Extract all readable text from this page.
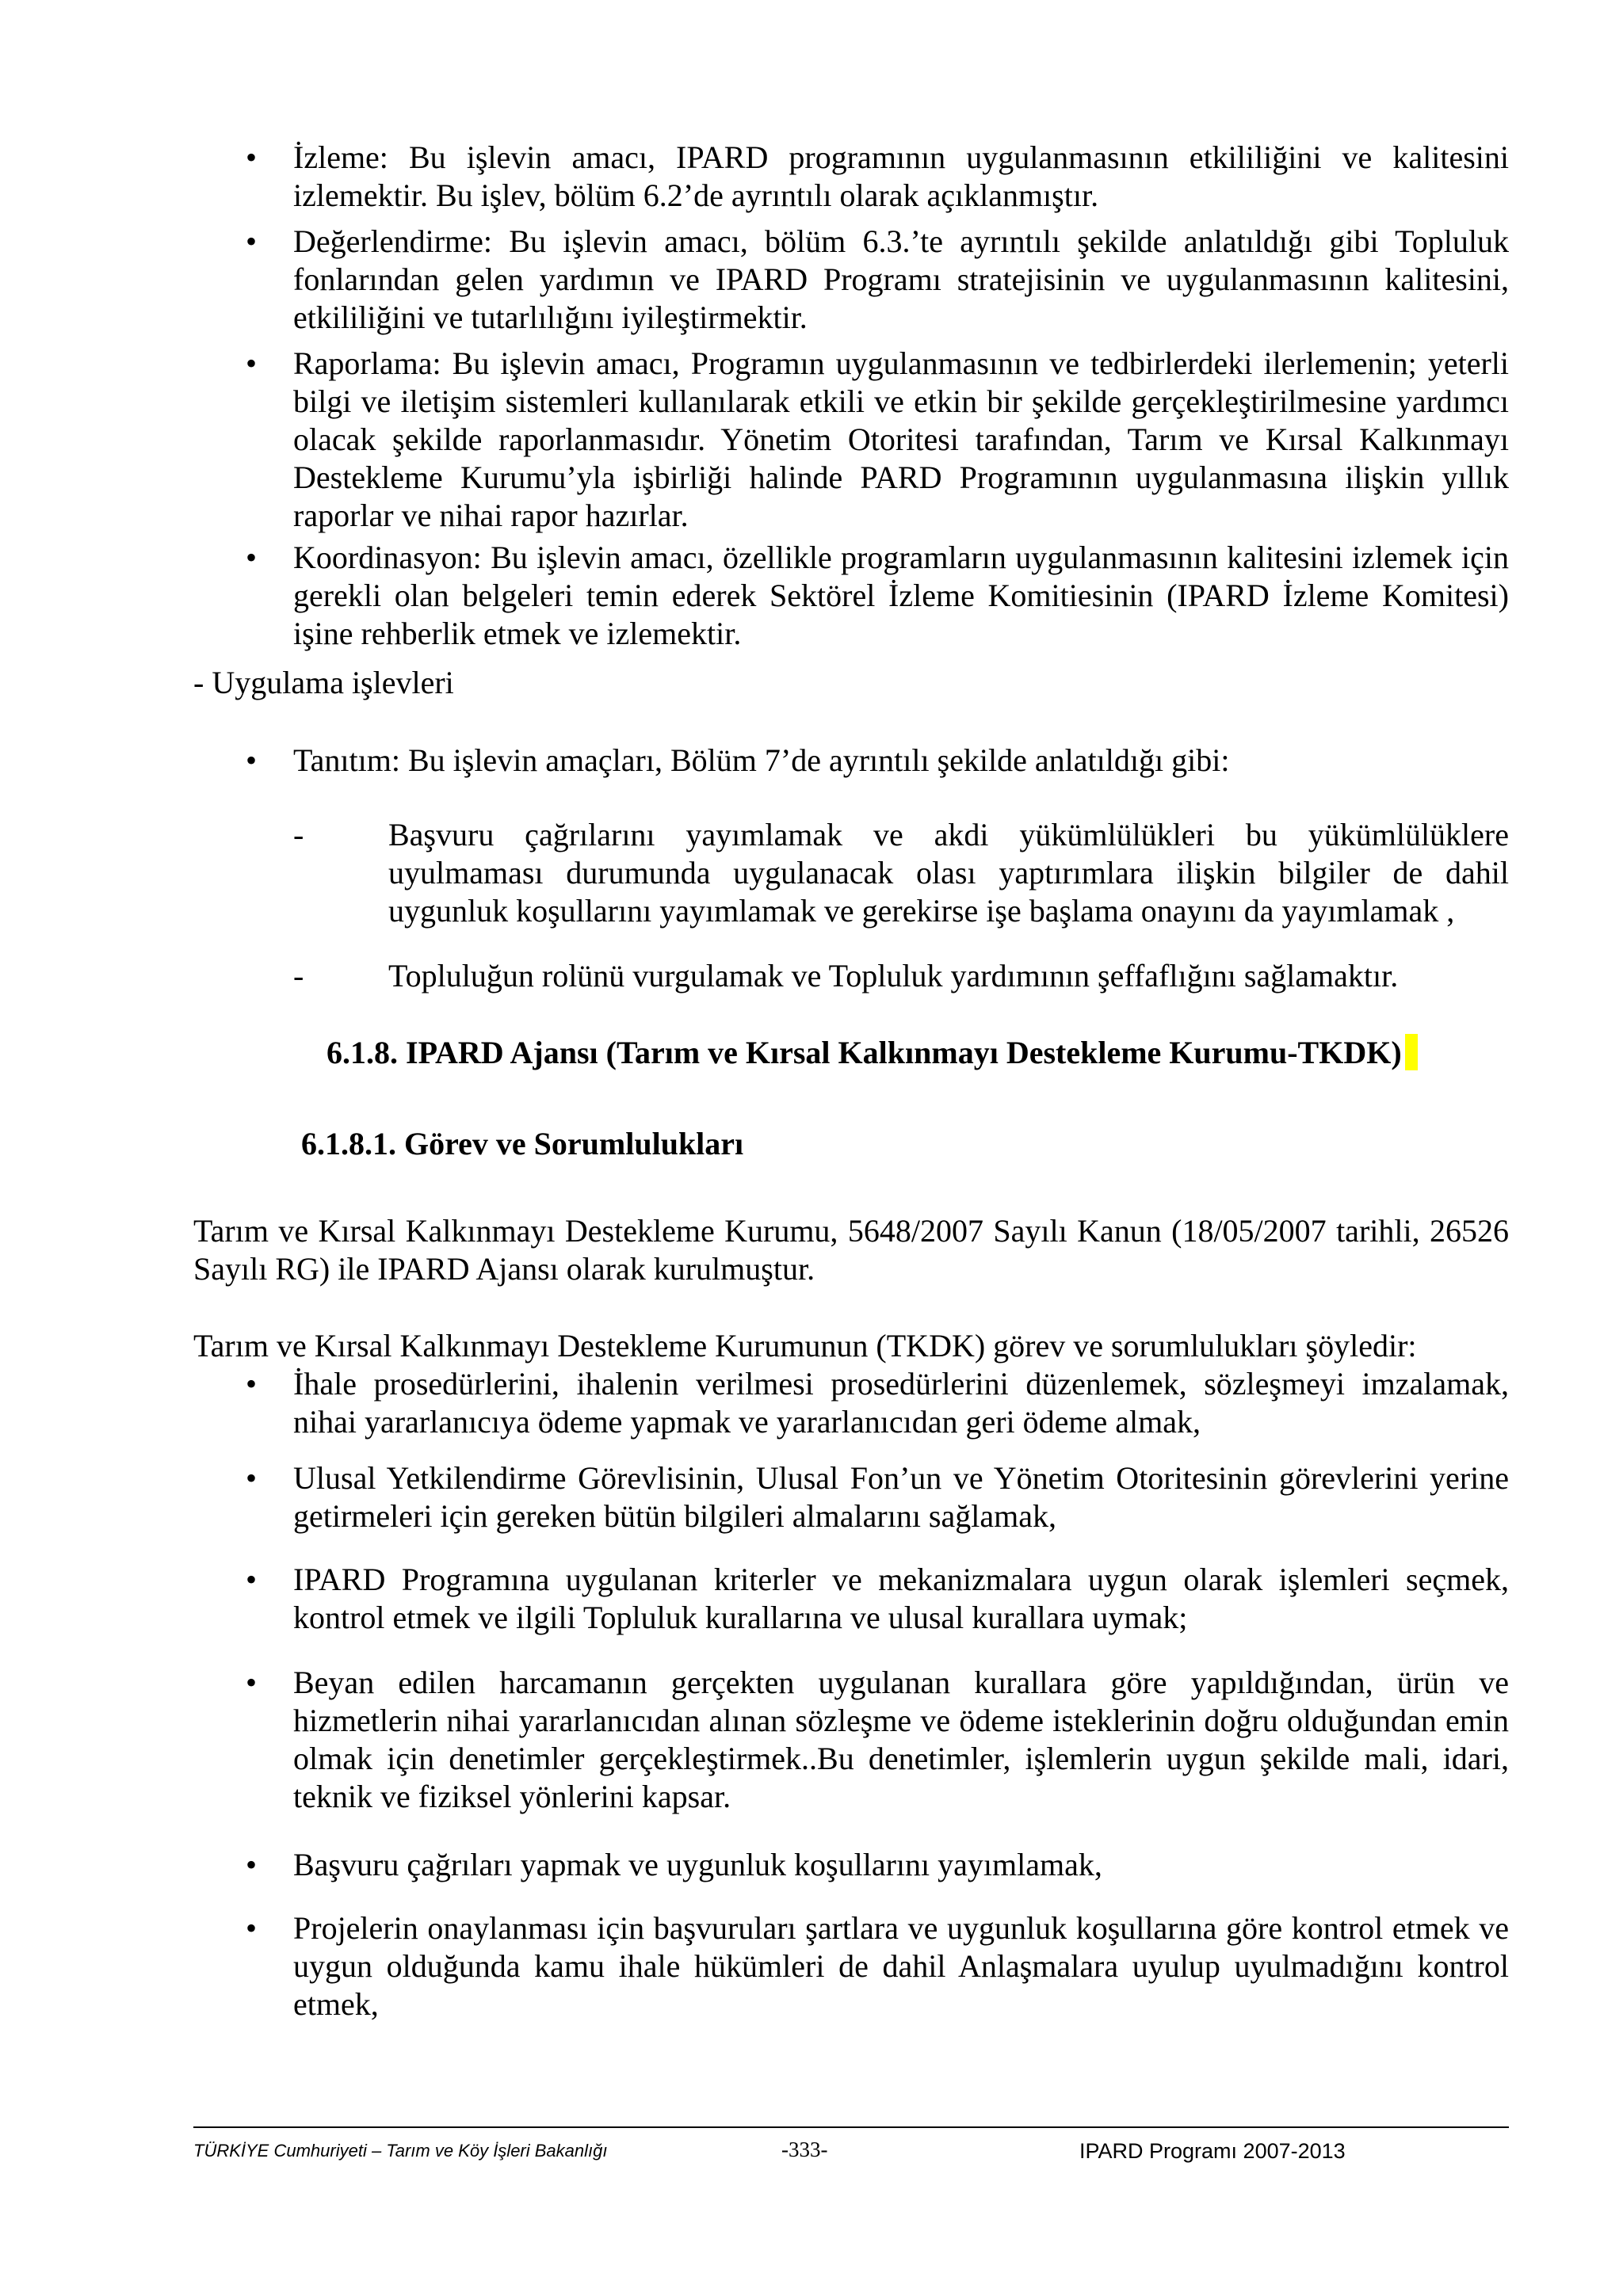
• İzleme: Bu işlevin amacı, IPARD programının uygulanmasının etkililiğini ve kalitesini izlemektir. Bu işlev, bölüm 6.2’de ayrıntılı olarak açıklanmıştır.

• Değerlendirme: Bu işlevin amacı, bölüm 6.3.’te ayrıntılı şekilde anlatıldığı gibi Topluluk fonlarından gelen yardımın ve IPARD Programı stratejisinin ve uygulanmasının kalitesini, etkililiğini ve tutarlılığını iyileştirmektir.

• Raporlama: Bu işlevin amacı, Programın uygulanmasının ve tedbirlerdeki ilerlemenin; yeterli bilgi ve iletişim sistemleri kullanılarak etkili ve etkin bir şekilde gerçekleştirilmesine yardımcı olacak şekilde raporlanmasıdır. Yönetim Otoritesi tarafından, Tarım ve Kırsal Kalkınmayı Destekleme Kurumu’yla işbirliği halinde PARD Programının uygulanmasına ilişkin yıllık raporlar ve nihai rapor hazırlar.

• Koordinasyon: Bu işlevin amacı, özellikle programların uygulanmasının kalitesini izlemek için gerekli olan belgeleri temin ederek Sektörel İzleme Komitiesinin (IPARD İzleme Komitesi) işine rehberlik etmek ve izlemektir.

- Uygulama işlevleri

• Tanıtım: Bu işlevin amaçları, Bölüm 7’de ayrıntılı şekilde anlatıldığı gibi:

-	Başvuru çağrılarını yayımlamak ve akdi yükümlülükleri bu yükümlülüklere uyulmaması durumunda uygulanacak olası yaptırımlara ilişkin bilgiler de dahil uygunluk koşullarını yayımlamak ve gerekirse işe başlama onayını da yayımlamak ,
-	Topluluğun rolünü vurgulamak ve Topluluk yardımının şeffaflığını sağlamaktır.

6.1.8. IPARD Ajansı (Tarım ve Kırsal Kalkınmayı Destekleme Kurumu-TKDK)

6.1.8.1. Görev ve Sorumlulukları

Tarım ve Kırsal Kalkınmayı Destekleme Kurumu, 5648/2007 Sayılı Kanun (18/05/2007 tarihli, 26526 Sayılı RG) ile IPARD Ajansı olarak kurulmuştur.

Tarım ve Kırsal Kalkınmayı Destekleme Kurumunun (TKDK) görev ve sorumlulukları şöyledir:

• İhale prosedürlerini, ihalenin verilmesi prosedürlerini düzenlemek, sözleşmeyi imzalamak, nihai yararlanıcıya ödeme yapmak ve yararlanıcıdan geri ödeme almak,

• Ulusal Yetkilendirme Görevlisinin, Ulusal Fon’un ve Yönetim Otoritesinin görevlerini yerine getirmeleri için gereken bütün bilgileri almalarını sağlamak,

• IPARD Programına uygulanan kriterler ve mekanizmalara uygun olarak işlemleri seçmek, kontrol etmek ve ilgili Topluluk kurallarına ve ulusal kurallara uymak;

• Beyan edilen harcamanın gerçekten uygulanan kurallara göre yapıldığından, ürün ve hizmetlerin nihai yararlanıcıdan alınan sözleşme ve ödeme isteklerinin doğru olduğundan emin olmak için denetimler gerçekleştirmek..Bu denetimler, işlemlerin uygun şekilde mali, idari, teknik ve fiziksel yönlerini kapsar.

• Başvuru çağrıları yapmak ve uygunluk koşullarını yayımlamak,

• Projelerin onaylanması için başvuruları şartlara ve uygunluk koşullarına göre kontrol etmek ve uygun olduğunda kamu ihale hükümleri de dahil Anlaşmalara uyulup uyulmadığını kontrol etmek,

TÜRKİYE Cumhuriyeti – Tarım ve Köy İşleri Bakanlığı	-333-	IPARD Programı 2007-2013
